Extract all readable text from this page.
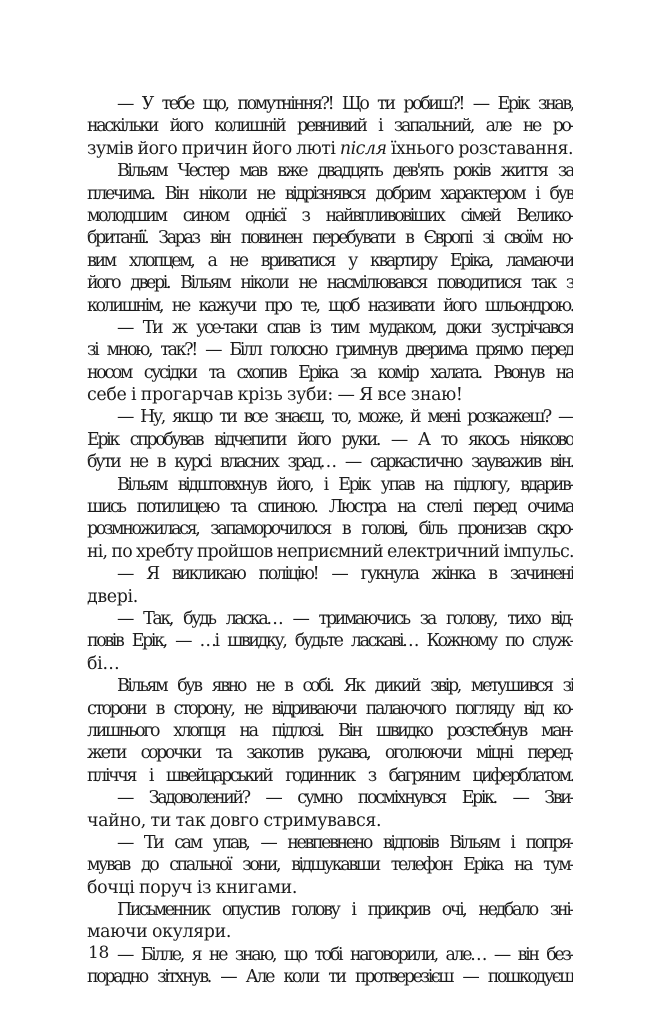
— У тебе що, помутніння?! Що ти робиш?! — Ерік знав,
наскільки його колишній ревнивий і запальний, але не ро-
зумів його причин його люті після їхнього розставання.
Вільям Честер мав вже двадцять дев'ять років життя за
плечима. Він ніколи не відрізнявся добрим характером і був
молодшим сином однієї з найвпливовіших сімей Велико-
британії. Зараз він повинен перебувати в Європі зі своїм но-
вим хлопцем, а не вриватися у квартиру Еріка, ламаючи
його двері. Вільям ніколи не насмілювався поводитися так з
колишнім, не кажучи про те, щоб називати його шльондрою.
— Ти ж усе-таки спав із тим мудаком, доки зустрічався
зі мною, так?! — Білл голосно гримнув дверима прямо перед
носом сусідки та схопив Еріка за комір халата. Рвонув на
себе і прогарчав крізь зуби: — Я все знаю!
— Ну, якщо ти все знаєш, то, може, й мені розкажеш? —
Ерік спробував відчепити його руки. — А то якось ніяково
бути не в курсі власних зрад… — саркастично зауважив він.
Вільям відштовхнув його, і Ерік упав на підлогу, вдарив-
шись потилицею та спиною. Люстра на стелі перед очима
розмножилася, запаморочилося в голові, біль пронизав скро-
ні, по хребту пройшов неприємний електричний імпульс.
— Я викликаю поліцію! — гукнула жінка в зачинені
двері.
— Так, будь ласка… — тримаючись за голову, тихо від-
повів Ерік, — …і швидку, будьте ласкаві… Кожному по служ-
бі…
Вільям був явно не в собі. Як дикий звір, метушився зі
сторони в сторону, не відриваючи палаючого погляду від ко-
лишнього хлопця на підлозі. Він швидко розстебнув ман-
жети сорочки та закотив рукава, оголюючи міцні перед-
пліччя і швейцарський годинник з багряним циферблатом.
— Задоволений? — сумно посміхнувся Ерік. — Зви-
чайно, ти так довго стримувався.
— Ти сам упав, — невпевнено відповів Вільям і попря-
мував до спальної зони, відшукавши телефон Еріка на тум-
бочці поруч із книгами.
Письменник опустив голову і прикрив очі, недбало зні-
маючи окуляри.
— Білле, я не знаю, що тобі наговорили, але… — він без-
порадно зітхнув. — Але коли ти протверезієш — пошкодуєш
18
